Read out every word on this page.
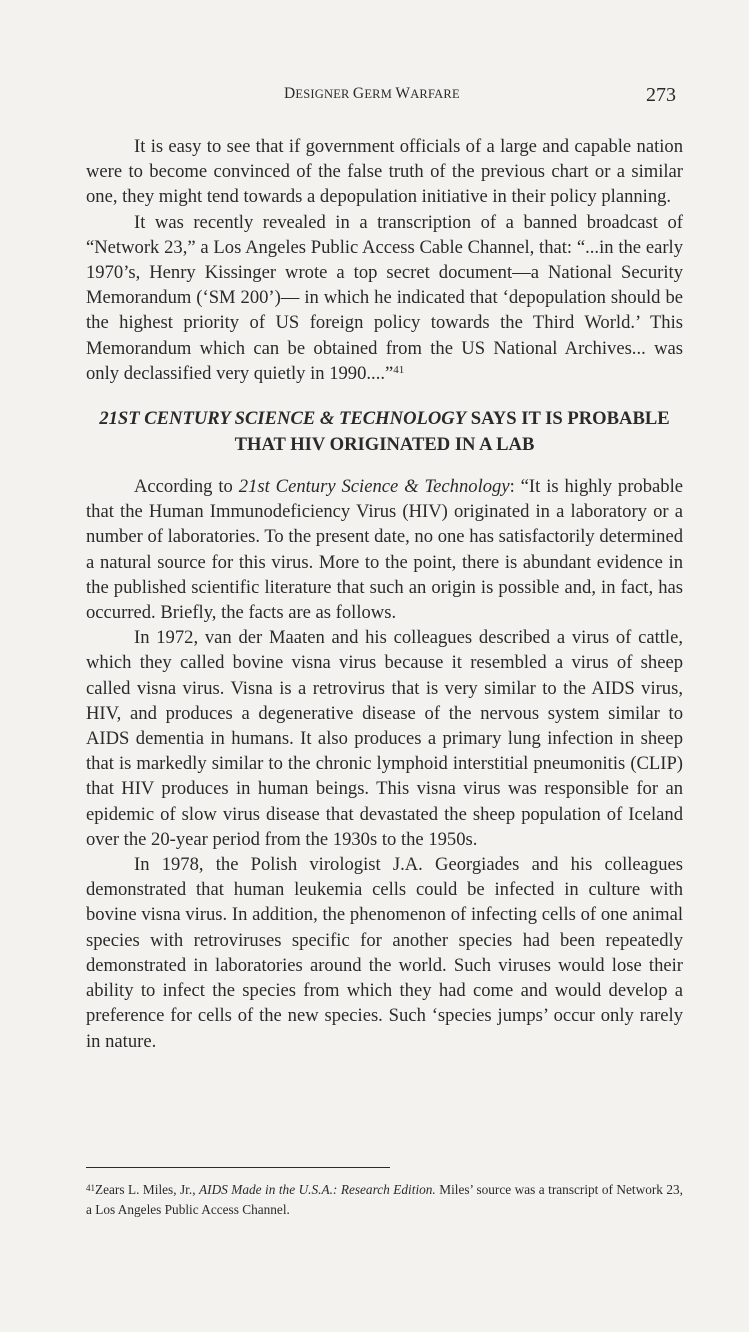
DESIGNER GERM WARFARE	273

It is easy to see that if government officials of a large and capable nation were to become convinced of the false truth of the previous chart or a similar one, they might tend towards a depopulation initiative in their policy planning.

It was recently revealed in a transcription of a banned broadcast of “Network 23,” a Los Angeles Public Access Cable Channel, that: “...in the early 1970’s, Henry Kissinger wrote a top secret document—a National Security Memorandum (‘SM 200’)— in which he indicated that ‘depopulation should be the highest priority of US foreign policy towards the Third World.’ This Memorandum which can be obtained from the US National Archives... was only declassified very quietly in 1990....”$^{41}$

21ST CENTURY SCIENCE & TECHNOLOGY SAYS IT IS PROBABLE THAT HIV ORIGINATED IN A LAB

According to 21st Century Science & Technology: “It is highly probable that the Human Immunodeficiency Virus (HIV) originated in a laboratory or a number of laboratories. To the present date, no one has satisfactorily determined a natural source for this virus. More to the point, there is abundant evidence in the published scientific literature that such an origin is possible and, in fact, has occurred. Briefly, the facts are as follows.

In 1972, van der Maaten and his colleagues described a virus of cattle, which they called bovine visna virus because it resembled a virus of sheep called visna virus. Visna is a retrovirus that is very similar to the AIDS virus, HIV, and produces a degenerative disease of the nervous system similar to AIDS dementia in humans. It also produces a primary lung infection in sheep that is markedly similar to the chronic lymphoid interstitial pneumonitis (CLIP) that HIV produces in human beings. This visna virus was responsible for an epidemic of slow virus disease that devastated the sheep population of Iceland over the 20-year period from the 1930s to the 1950s.

In 1978, the Polish virologist J.A. Georgiades and his colleagues demonstrated that human leukemia cells could be infected in culture with bovine visna virus. In addition, the phenomenon of infecting cells of one animal species with retroviruses specific for another species had been repeatedly demonstrated in laboratories around the world. Such viruses would lose their ability to infect the species from which they had come and would develop a preference for cells of the new species. Such ‘species jumps’ occur only rarely in nature.

$^{41}$Zears L. Miles, Jr., AIDS Made in the U.S.A.: Research Edition. Miles’ source was a transcript of Network 23, a Los Angeles Public Access Channel.
